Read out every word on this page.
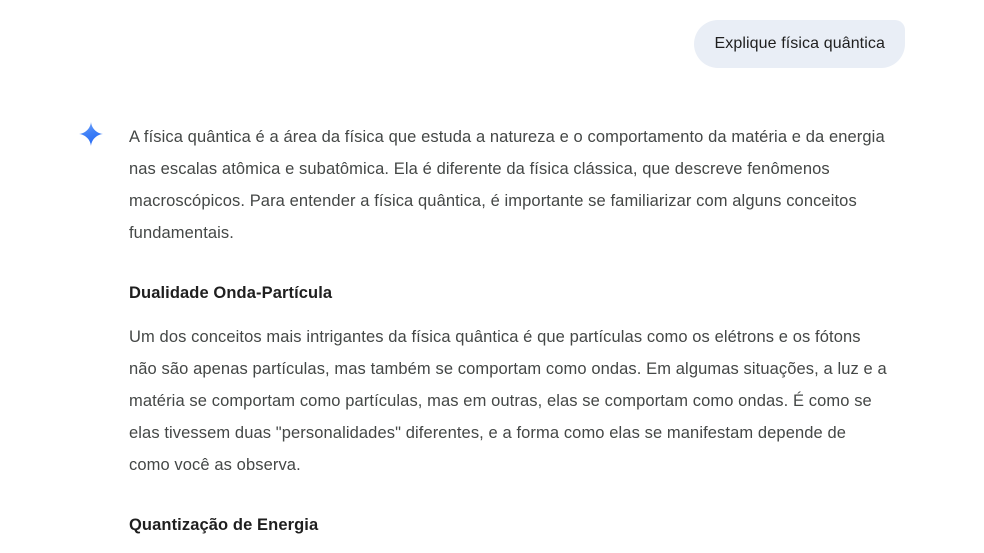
Explique física quântica

A física quântica é a área da física que estuda a natureza e o comportamento da matéria e da energia nas escalas atômica e subatômica. Ela é diferente da física clássica, que descreve fenômenos macroscópicos. Para entender a física quântica, é importante se familiarizar com alguns conceitos fundamentais.

Dualidade Onda-Partícula

Um dos conceitos mais intrigantes da física quântica é que partículas como os elétrons e os fótons não são apenas partículas, mas também se comportam como ondas. Em algumas situações, a luz e a matéria se comportam como partículas, mas em outras, elas se comportam como ondas. É como se elas tivessem duas "personalidades" diferentes, e a forma como elas se manifestam depende de como você as observa.

Quantização de Energia
